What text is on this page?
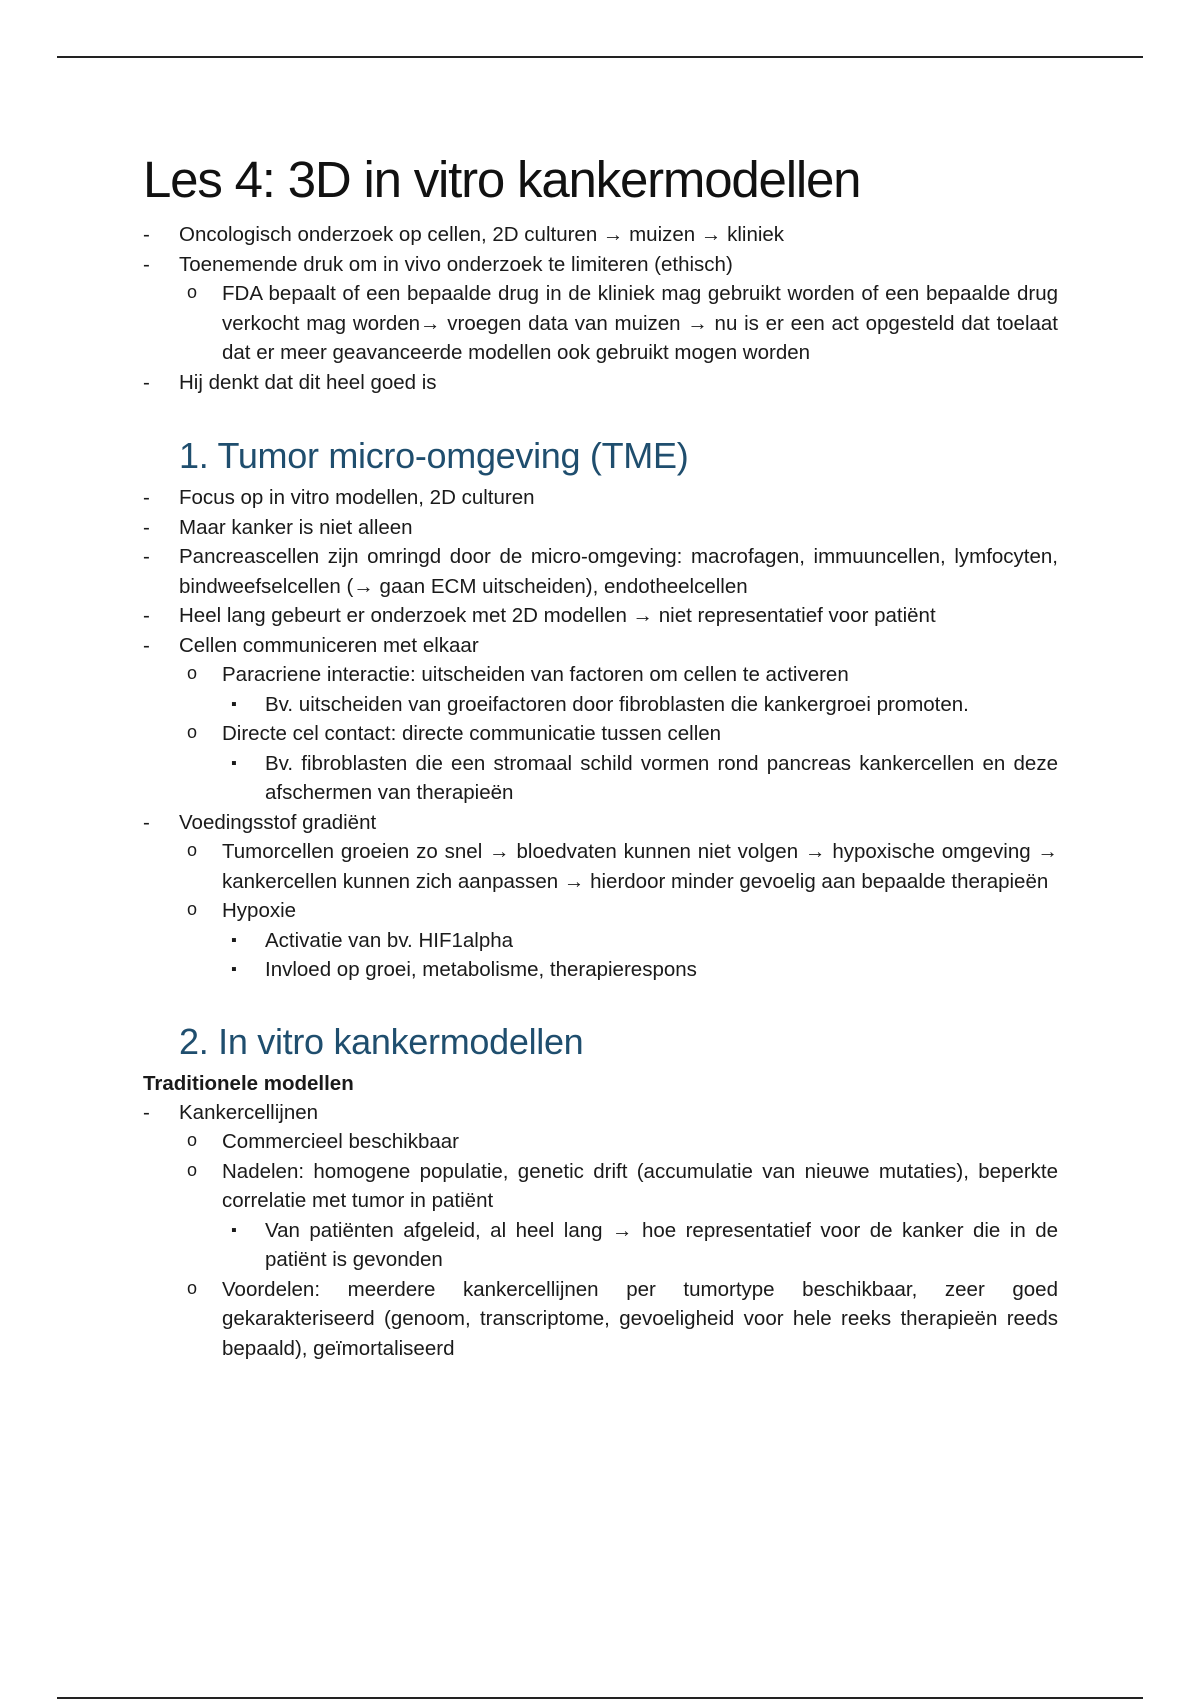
Les 4: 3D in vitro kankermodellen
- Oncologisch onderzoek op cellen, 2D culturen → muizen → kliniek
- Toenemende druk om in vivo onderzoek te limiteren (ethisch)
o FDA bepaalt of een bepaalde drug in de kliniek mag gebruikt worden of een bepaalde drug verkocht mag worden→ vroegen data van muizen → nu is er een act opgesteld dat toelaat dat er meer geavanceerde modellen ook gebruikt mogen worden
- Hij denkt dat dit heel goed is
1. Tumor micro-omgeving (TME)
- Focus op in vitro modellen, 2D culturen
- Maar kanker is niet alleen
- Pancreascellen zijn omringd door de micro-omgeving: macrofagen, immuuncellen, lymfocyten, bindweefselcellen (→ gaan ECM uitscheiden), endotheelcellen
- Heel lang gebeurt er onderzoek met 2D modellen → niet representatief voor patiënt
- Cellen communiceren met elkaar
o Paracriene interactie: uitscheiden van factoren om cellen te activeren
▪ Bv. uitscheiden van groeifactoren door fibroblasten die kankergroei promoten.
o Directe cel contact: directe communicatie tussen cellen
▪ Bv. fibroblasten die een stromaal schild vormen rond pancreas kankercellen en deze afschermen van therapieën
- Voedingsstof gradiënt
o Tumorcellen groeien zo snel → bloedvaten kunnen niet volgen → hypoxische omgeving → kankercellen kunnen zich aanpassen → hierdoor minder gevoelig aan bepaalde therapieën
o Hypoxie
▪ Activatie van bv. HIF1alpha
▪ Invloed op groei, metabolisme, therapierespons
2. In vitro kankermodellen

Traditionele modellen

- Kankercellijnen
o Commercieel beschikbaar
o Nadelen: homogene populatie, genetic drift (accumulatie van nieuwe mutaties), beperkte correlatie met tumor in patiënt
▪ Van patiënten afgeleid, al heel lang → hoe representatief voor de kanker die in de patiënt is gevonden
o Voordelen: meerdere kankercellijnen per tumortype beschikbaar, zeer goed gekarakteriseerd (genoom, transcriptome, gevoeligheid voor hele reeks therapieën reeds bepaald), geïmortaliseerd
